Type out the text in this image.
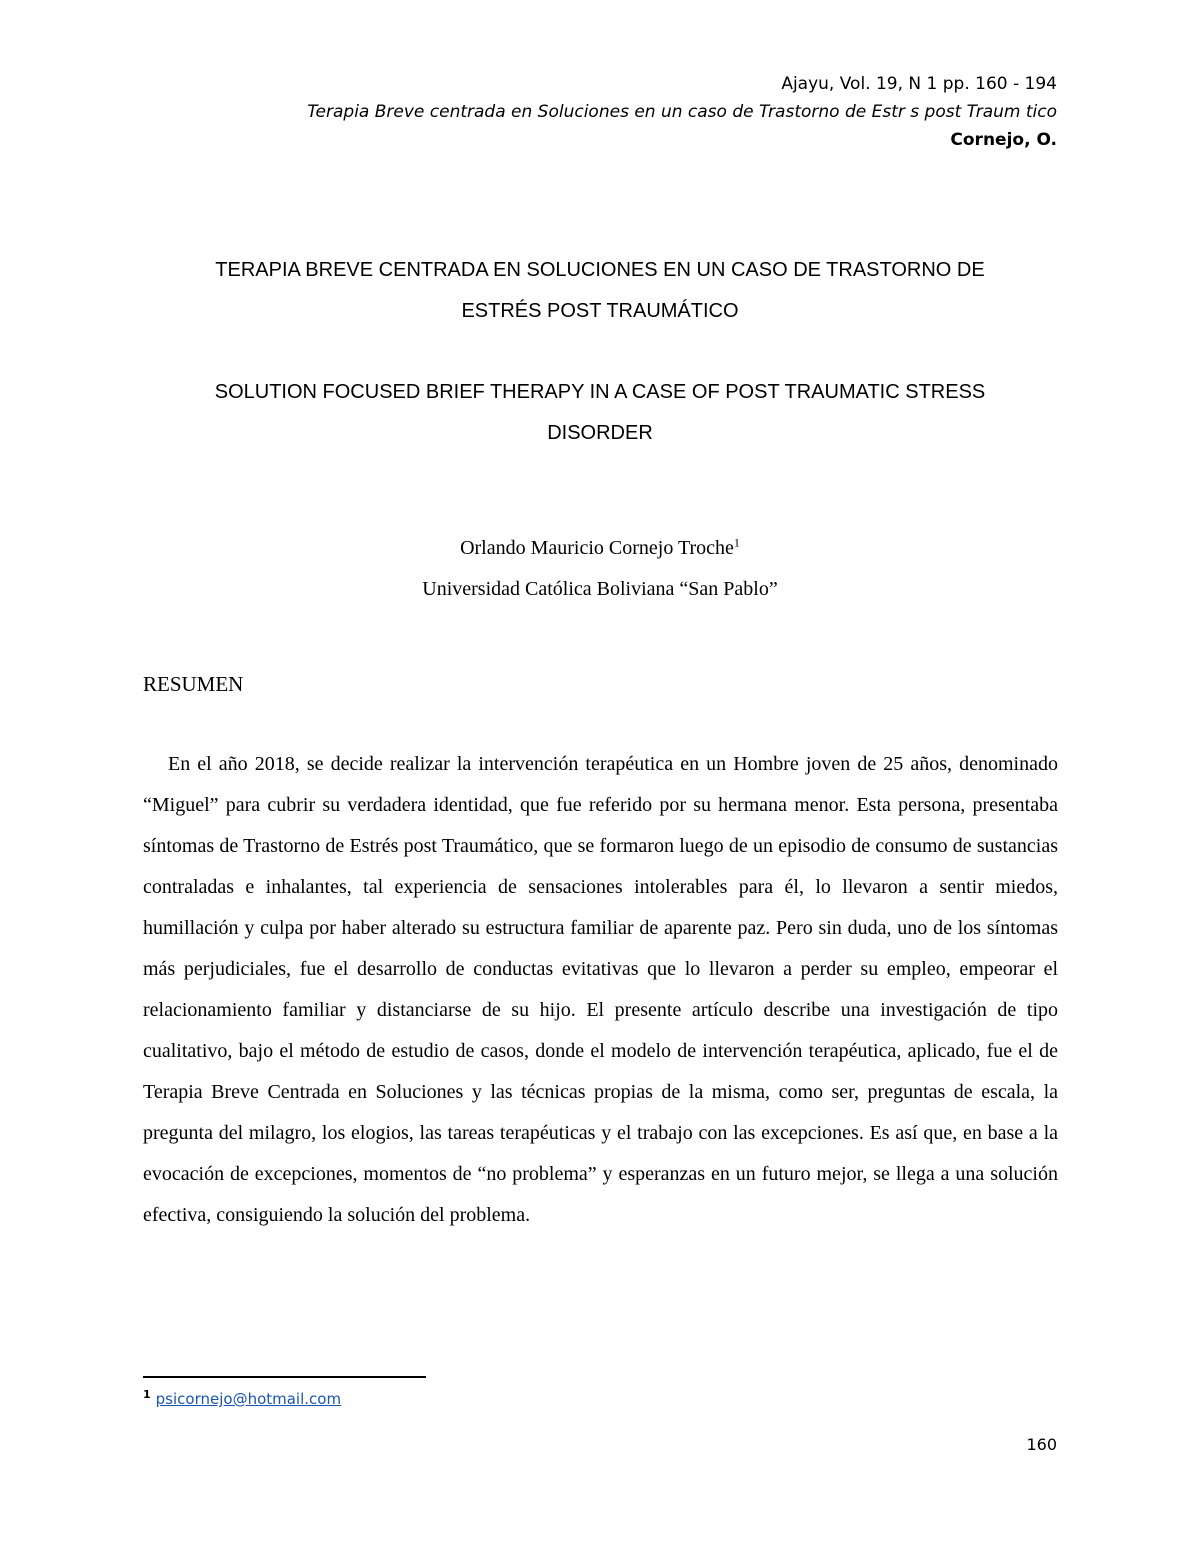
Ajayu, Vol. 19, N 1 pp. 160 - 194
Terapia Breve centrada en Soluciones en un caso de Trastorno de Estr s post Traum tico
Cornejo, O.
TERAPIA BREVE CENTRADA EN SOLUCIONES EN UN CASO DE TRASTORNO DE
ESTRÉS POST TRAUMÁTICO
SOLUTION FOCUSED BRIEF THERAPY IN A CASE OF POST TRAUMATIC STRESS
DISORDER
Orlando Mauricio Cornejo Troche$^1$
Universidad Católica Boliviana “San Pablo”
RESUMEN

En el año 2018, se decide realizar la intervención terapéutica en un Hombre joven de 25 años, denominado “Miguel” para cubrir su verdadera identidad, que fue referido por su hermana menor. Esta persona, presentaba síntomas de Trastorno de Estrés post Traumático, que se formaron luego de un episodio de consumo de sustancias contraladas e inhalantes, tal experiencia de sensaciones intolerables para él, lo llevaron a sentir miedos, humillación y culpa por haber alterado su estructura familiar de aparente paz. Pero sin duda, uno de los síntomas más perjudiciales, fue el desarrollo de conductas evitativas que lo llevaron a perder su empleo, empeorar el relacionamiento familiar y distanciarse de su hijo. El presente artículo describe una investigación de tipo cualitativo, bajo el método de estudio de casos, donde el modelo de intervención terapéutica, aplicado, fue el de Terapia Breve Centrada en Soluciones y las técnicas propias de la misma, como ser, preguntas de escala, la pregunta del milagro, los elogios, las tareas terapéuticas y el trabajo con las excepciones. Es así que, en base a la evocación de excepciones, momentos de “no problema” y esperanzas en un futuro mejor, se llega a una solución efectiva, consiguiendo la solución del problema.

$^1$ psicornejo@hotmail.com
160
